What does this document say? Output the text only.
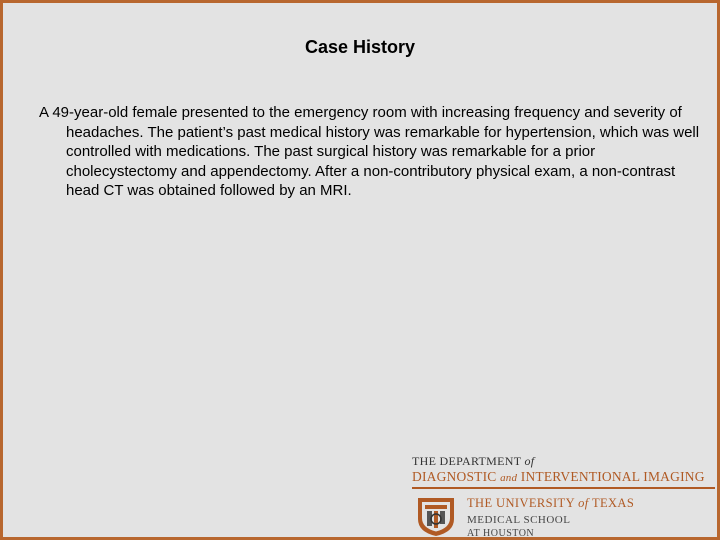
Case History
A 49-year-old female presented to the emergency room with increasing frequency and severity of headaches. The patient’s past medical history was remarkable for hypertension, which was well controlled with medications. The past surgical history was remarkable for a prior cholecystectomy and appendectomy. After a non-contributory physical exam, a non-contrast head CT was obtained followed by an MRI.
THE DEPARTMENT of
DIAGNOSTIC and INTERVENTIONAL IMAGING
THE UNIVERSITY of TEXAS
MEDICAL SCHOOL
AT HOUSTON
